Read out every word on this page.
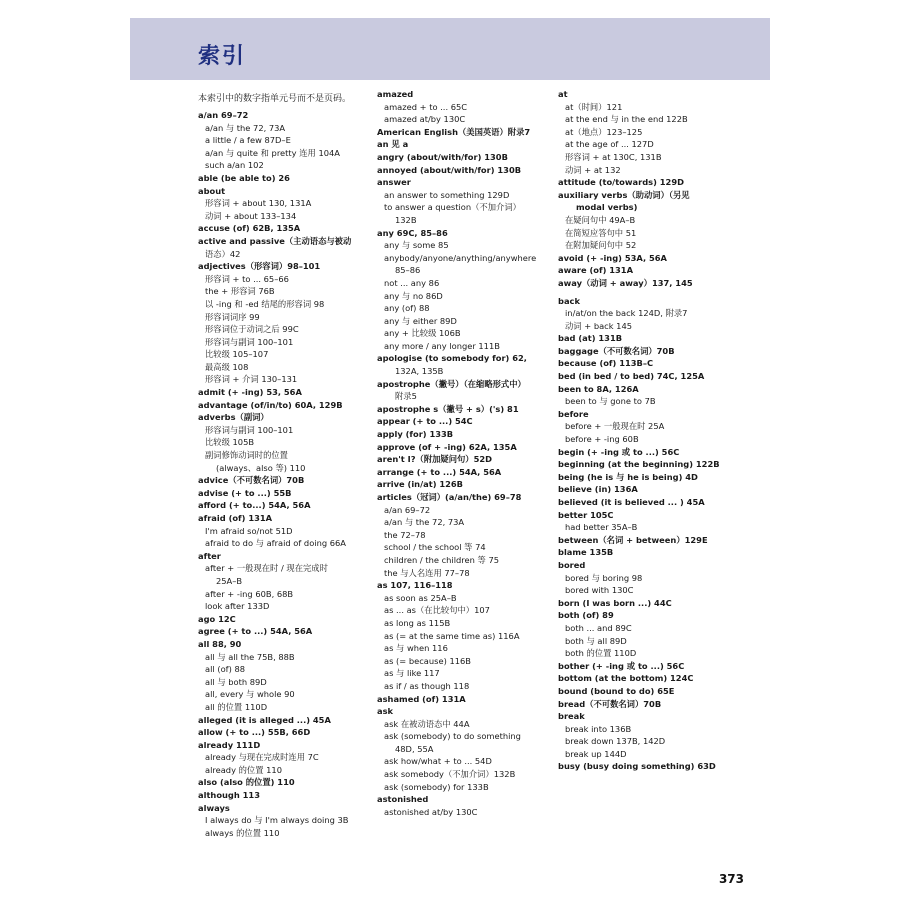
索引
本索引中的数字指单元号而不是页码。
a/an 69–72
a/an 与 the 72, 73A
a little / a few 87D–E
a/an 与 quite 和 pretty 连用 104A
such a/an 102
able (be able to) 26
about
形容词 + about 130, 131A
动词 + about 133–134
accuse (of) 62B, 135A
active and passive（主动语态与被动
语态）42
adjectives（形容词）98–101
形容词 + to ... 65–66
the + 形容词 76B
以 -ing 和 -ed 结尾的形容词 98
形容词词序 99
形容词位于动词之后 99C
形容词与副词 100–101
比较级 105–107
最高级 108
形容词 + 介词 130–131
admit (+ -ing) 53, 56A
advantage (of/in/to) 60A, 129B
adverbs（副词）
形容词与副词 100–101
比较级 105B
副词修饰动词时的位置
(always、also 等) 110
advice（不可数名词）70B
advise (+ to ...) 55B
afford (+ to...) 54A, 56A
afraid (of) 131A
I'm afraid so/not 51D
afraid to do 与 afraid of doing 66A
after
after + 一般现在时 / 现在完成时
25A–B
after + -ing 60B, 68B
look after 133D
ago 12C
agree (+ to ...) 54A, 56A
all 88, 90
all 与 all the 75B, 88B
all (of) 88
all 与 both 89D
all, every 与 whole 90
all 的位置 110D
alleged (it is alleged ...) 45A
allow (+ to ...) 55B, 66D
already 111D
already 与现在完成时连用 7C
already 的位置 110
also (also 的位置) 110
although 113
always
I always do 与 I'm always doing 3B
always 的位置 110
amazed
amazed + to ... 65C
amazed at/by 130C
American English（美国英语）附录7
an 见 a
angry (about/with/for) 130B
annoyed (about/with/for) 130B
answer
an answer to something 129D
to answer a question（不加介词）
132B
any 69C, 85–86
any 与 some 85
anybody/anyone/anything/anywhere
85–86
not ... any 86
any 与 no 86D
any (of) 88
any 与 either 89D
any + 比较级 106B
any more / any longer 111B
apologise (to somebody for) 62,
132A, 135B
apostrophe（撇号）（在缩略形式中）
附录5
apostrophe s（撇号 + s）('s) 81
appear (+ to ...) 54C
apply (for) 133B
approve (of + -ing) 62A, 135A
aren't I?（附加疑问句）52D
arrange (+ to ...) 54A, 56A
arrive (in/at) 126B
articles（冠词）(a/an/the) 69–78
a/an 69–72
a/an 与 the 72, 73A
the 72–78
school / the school 等 74
children / the children 等 75
the 与人名连用 77–78
as 107, 116–118
as soon as 25A–B
as ... as（在比较句中）107
as long as 115B
as (= at the same time as) 116A
as 与 when 116
as (= because) 116B
as 与 like 117
as if / as though 118
ashamed (of) 131A
ask
ask 在被动语态中 44A
ask (somebody) to do something
48D, 55A
ask how/what + to ... 54D
ask somebody（不加介词）132B
ask (somebody) for 133B
astonished
astonished at/by 130C
at
at（时间）121
at the end 与 in the end 122B
at（地点）123–125
at the age of ... 127D
形容词 + at 130C, 131B
动词 + at 132
attitude (to/towards) 129D
auxiliary verbs（助动词）（另见
modal verbs)
在疑问句中 49A–B
在简短应答句中 51
在附加疑问句中 52
avoid (+ -ing) 53A, 56A
aware (of) 131A
away（动词 + away）137, 145
back
in/at/on the back 124D, 附录7
动词 + back 145
bad (at) 131B
baggage（不可数名词）70B
because (of) 113B–C
bed (in bed / to bed) 74C, 125A
been to 8A, 126A
been to 与 gone to 7B
before
before + 一般现在时 25A
before + -ing 60B
begin (+ -ing 或 to ...) 56C
beginning (at the beginning) 122B
being (he is 与 he is being) 4D
believe (in) 136A
believed (it is believed ... ) 45A
better 105C
had better 35A–B
between（名词 + between）129E
blame 135B
bored
bored 与 boring 98
bored with 130C
born (I was born ...) 44C
both (of) 89
both ... and 89C
both 与 all 89D
both 的位置 110D
bother (+ -ing 或 to ...) 56C
bottom (at the bottom) 124C
bound (bound to do) 65E
bread（不可数名词）70B
break
break into 136B
break down 137B, 142D
break up 144D
busy (busy doing something) 63D
373
